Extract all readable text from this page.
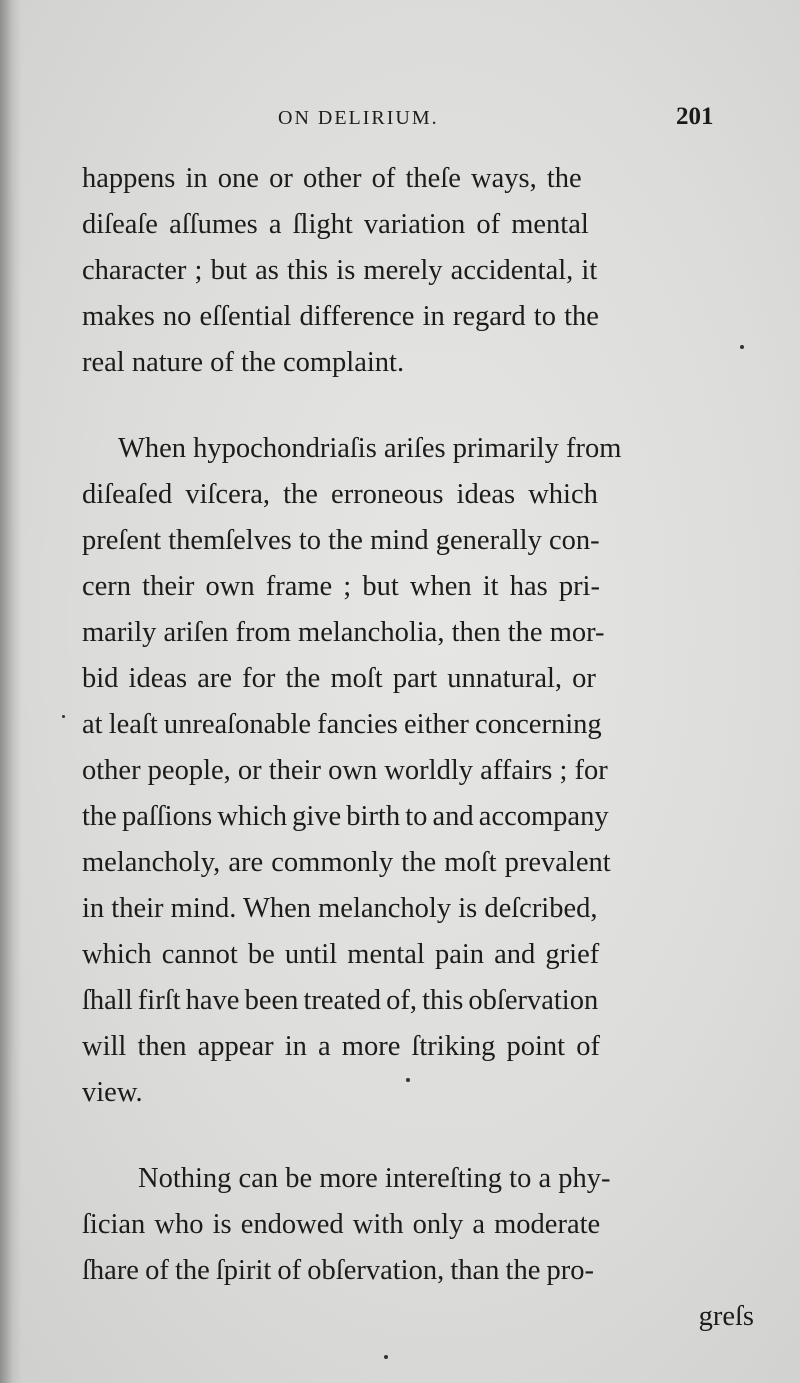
ON DELIRIUM.	201
happens in one or other of theſe ways, the
diſeaſe aſſumes a ſlight variation of mental
character ; but as this is merely accidental, it
makes no eſſential difference in regard to the
real nature of the complaint.
When hypochondriaſis ariſes primarily from
diſeaſed viſcera, the erroneous ideas which
preſent themſelves to the mind generally con-
cern their own frame ; but when it has pri-
marily ariſen from melancholia, then the mor-
bid ideas are for the moſt part unnatural, or
at leaſt unreaſonable fancies either concerning
other people, or their own worldly affairs ; for
the paſſions which give birth to and accompany
melancholy, are commonly the moſt prevalent
in their mind. When melancholy is deſcribed,
which cannot be until mental pain and grief
ſhall firſt have been treated of, this obſervation
will then appear in a more ſtriking point of
view.
Nothing can be more intereſting to a phy-
ſician who is endowed with only a moderate
ſhare of the ſpirit of obſervation, than the pro-
greſs
